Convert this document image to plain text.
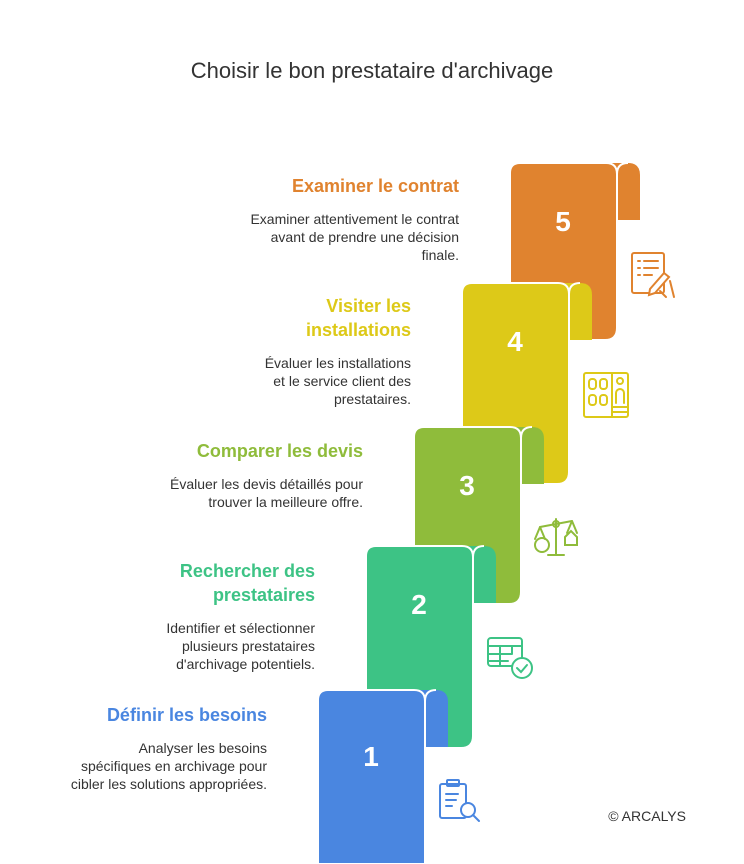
Choisir le bon prestataire d'archivage
1
2
3
4
5
Définir les besoins

Analyser les besoins spécifiques en archivage pour cibler les solutions appropriées.

Rechercher des prestataires

Identifier et sélectionner plusieurs prestataires d'archivage potentiels.

Comparer les devis

Évaluer les devis détaillés pour trouver la meilleure offre.

Visiter les installations

Évaluer les installations et le service client des prestataires.

Examiner le contrat

Examiner attentivement le contrat avant de prendre une décision finale.

© ARCALYS
